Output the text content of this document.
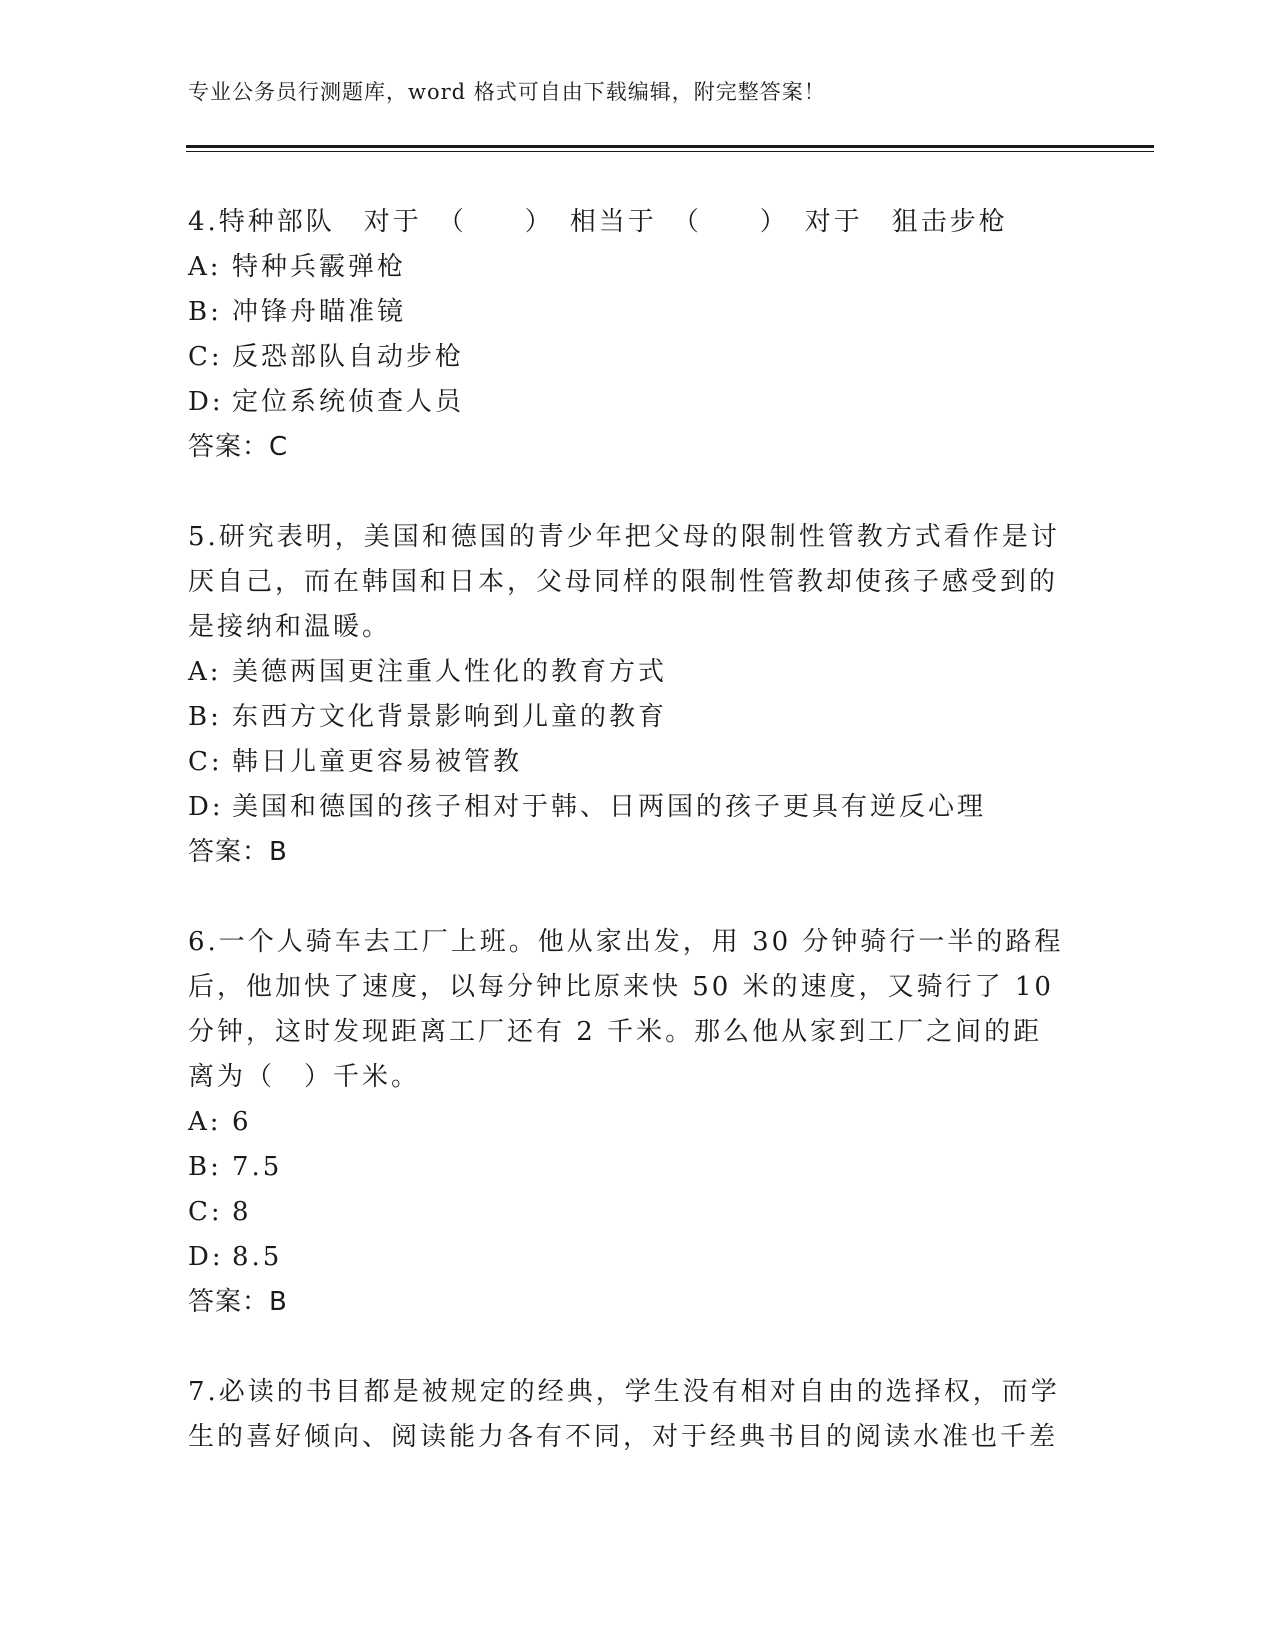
专业公务员行测题库，word 格式可自由下载编辑，附完整答案！
4.特种部队　对于　（　　）　相当于　（　　）　对于　狙击步枪
A: 特种兵霰弹枪
B: 冲锋舟瞄准镜
C: 反恐部队自动步枪
D: 定位系统侦查人员
答案：C
5.研究表明，美国和德国的青少年把父母的限制性管教方式看作是讨厌自己，而在韩国和日本，父母同样的限制性管教却使孩子感受到的是接纳和温暖。
A: 美德两国更注重人性化的教育方式
B: 东西方文化背景影响到儿童的教育
C: 韩日儿童更容易被管教
D: 美国和德国的孩子相对于韩、日两国的孩子更具有逆反心理
答案：B
6.一个人骑车去工厂上班。他从家出发，用 30 分钟骑行一半的路程后，他加快了速度，以每分钟比原来快 50 米的速度，又骑行了 10 分钟，这时发现距离工厂还有 2 千米。那么他从家到工厂之间的距离为（　）千米。
A: 6
B: 7.5
C: 8
D: 8.5
答案：B
7.必读的书目都是被规定的经典，学生没有相对自由的选择权，而学生的喜好倾向、阅读能力各有不同，对于经典书目的阅读水准也千差
